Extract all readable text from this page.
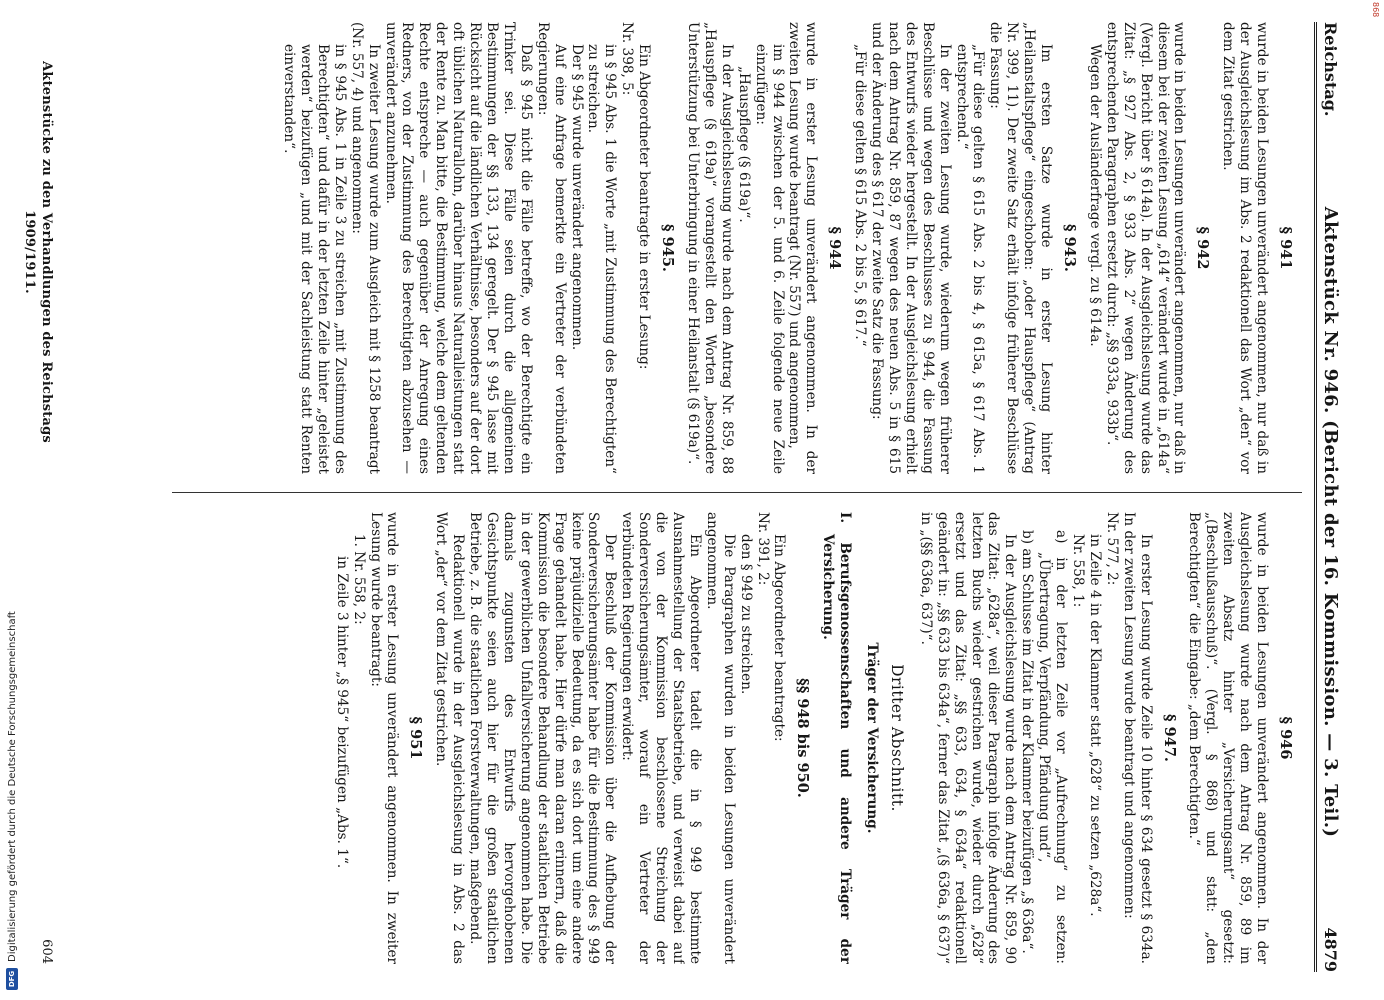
868
DFG
Digitalisierung gefördert durch die Deutsche Forschungsgemeinschaft
Reichstag.
Aktenstück Nr. 946. (Bericht der 16. Kommission. — 3. Teil.)
4879
§ 941

wurde in beiden Lesungen unverändert angenommen, nur daß in der Ausgleichslesung im Abs. 2 redaktionell das Wort „den“ vor dem Zitat gestrichen.

§ 942

wurde in beiden Lesungen unverändert angenommen, nur daß in diesem bei der zweiten Lesung „614“ verändert wurde in „614a“ (Vergl. Bericht über § 614a). In der Ausgleichslesung wurde das Zitat: „§ 927 Abs. 2, § 933 Abs. 2“ wegen Änderung des entsprechenden Paragraphen ersetzt durch: „§§ 933a, 933b“.

Wegen der Ausländerfrage vergl. zu § 614a.

§ 943.

Im ersten Satze wurde in erster Lesung hinter „Heilanstaltspflege“ eingeschoben: „oder Hauspflege“ (Antrag Nr. 399, 11). Der zweite Satz erhält infolge früherer Beschlüsse die Fassung:

„Für diese gelten § 615 Abs. 2 bis 4, § 615a, § 617 Abs. 1 entsprechend.“

In der zweiten Lesung wurde, wiederum wegen früherer Beschlüsse und wegen des Beschlusses zu § 944, die Fassung des Entwurfs wieder hergestellt. In der Ausgleichslesung erhielt nach dem Antrag Nr. 859, 87 wegen des neuen Abs. 5 in § 615 und der Änderung des § 617 der zweite Satz die Fassung:

„Für diese gelten § 615 Abs. 2 bis 5, § 617.“

§ 944

wurde in erster Lesung unverändert angenommen. In der zweiten Lesung wurde beantragt (Nr. 557) und angenommen,

im § 944 zwischen der 5. und 6. Zeile folgende neue Zeile einzufügen:

„Hauspflege (§ 619a)“.

In der Ausgleichslesung wurde nach dem Antrag Nr. 859, 88 „Hauspflege (§ 619a)“ vorangestellt den Worten „besondere Unterstützung bei Unterbringung in einer Heilanstalt (§ 619a)“.

§ 945.

Ein Abgeordneter beantragte in erster Lesung:

Nr. 398, 5:

in § 945 Abs. 1 die Worte „mit Zustimmung des Berechtigten“ zu streichen.

Der § 945 wurde unverändert angenommen.

Auf eine Anfrage bemerkte ein Vertreter der verbündeten Regierungen:

Daß § 945 nicht die Fälle betreffe, wo der Berechtigte ein Trinker sei. Diese Fälle seien durch die allgemeinen Bestimmungen der §§ 133, 134 geregelt. Der § 945 lasse mit Rücksicht auf die ländlichen Verhältnisse, besonders auf der dort oft üblichen Naturallohn, darüber hinaus Naturalleistungen statt der Rente zu. Man bitte, die Bestimmung, welche dem geltenden Rechte entspreche — auch gegenüber der Anregung eines Redners, von der Zustimmung des Berechtigten abzusehen — unverändert anzunehmen.

In zweiter Lesung wurde zum Ausgleich mit § 1258 beantragt (Nr. 557, 4) und angenommen:

in § 945 Abs. 1 in Zeile 3 zu streichen „mit Zustimmung des Berechtigten“ und dafür in der letzten Zeile hinter „geleistet werden“ beizufügen „und mit der Sachleistung statt Renten einverstanden“.

§ 946

wurde in beiden Lesungen unverändert angenommen. In der Ausgleichslesung wurde nach dem Antrag Nr. 859, 89 im zweiten Absatz hinter „Versicherungsamt“ gesetzt: „(Beschlußausschuß)“. (Vergl. § 868) und statt: „den Berechtigten“ die Eingabe: „dem Berechtigten.“

§ 947.

In erster Lesung wurde Zeile 10 hinter § 634 gesetzt § 634a. In der zweiten Lesung wurde beantragt und angenommen:

Nr. 577, 2:

in Zeile 4 in der Klammer statt „628“ zu setzen „628a“.

Nr. 558, 1:

a) in der letzten Zeile vor „Aufrechnung“ zu setzen: „Übertragung, Verpfändung, Pfändung und“,

b) am Schlusse im Zitat in der Klammer beizufügen „§ 636a“.

In der Ausgleichslesung wurde nach dem Antrag Nr. 859, 90 das Zitat: „628a“, weil dieser Paragraph infolge Änderung des letzten Buchs wieder gestrichen wurde, wieder durch „628“ ersetzt und das Zitat: „§§ 633, 634, § 634a“ redaktionell geändert in: „§§ 633 bis 634a“, ferner das Zitat „(§ 636a, § 637)“ in „(§§ 636a, 637)“.

Dritter Abschnitt.

Träger der Versicherung.

I. Berufsgenossenschaften und andere Träger der Versicherung.

§§ 948 bis 950.

Ein Abgeordneter beantragte:

Nr. 391, 2:

den § 949 zu streichen.

Die Paragraphen wurden in beiden Lesungen unverändert angenommen.

Ein Abgeordneter tadelt die in § 949 bestimmte Ausnahmestellung der Staatsbetriebe, und verweist dabei auf die von der Kommission beschlossene Streichung der Sonderversicherungsämter, worauf ein Vertreter der verbündeten Regierungen erwidert:

Der Beschluß der Kommission über die Aufhebung der Sonderversicherungsämter habe für die Bestimmung des § 949 keine präjudizielle Bedeutung, da es sich dort um eine andere Frage gehandelt habe. Hier dürfe man daran erinnern, daß die Kommission die besondere Behandlung der staatlichen Betriebe in der gewerblichen Unfallversicherung angenommen habe. Die damals zugunsten des Entwurfs hervorgehobenen Gesichtspunkte seien auch hier für die großen staatlichen Betriebe, z. B. die staatlichen Forstverwaltungen, maßgebend.

Redaktionell wurde in der Ausgleichslesung in Abs. 2 das Wort „der“ vor dem Zitat gestrichen.

§ 951

wurde in erster Lesung unverändert angenommen. In zweiter Lesung wurde beantragt:

1. Nr. 558, 2:

in Zeile 3 hinter „§ 945“ beizufügen „Abs. 1“.

Aktenstücke zu den Verhandlungen des Reichstags 1909/1911.
604
